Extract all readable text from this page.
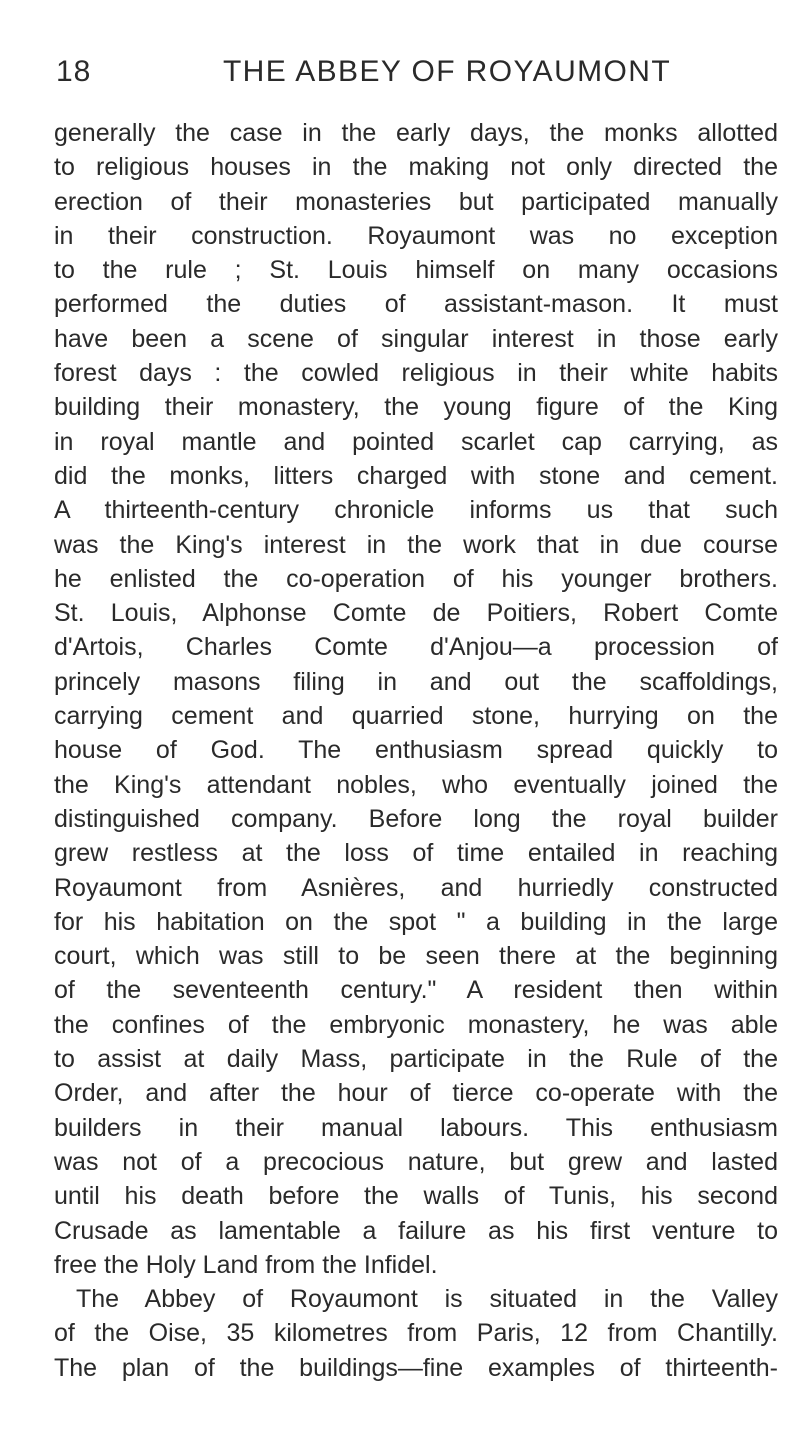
18	THE ABBEY OF ROYAUMONT
generally the case in the early days, the monks allotted
to religious houses in the making not only directed the
erection of their monasteries but participated manually
in their construction. Royaumont was no exception
to the rule ; St. Louis himself on many occasions
performed the duties of assistant-mason. It must
have been a scene of singular interest in those early
forest days : the cowled religious in their white habits
building their monastery, the young figure of the King
in royal mantle and pointed scarlet cap carrying, as
did the monks, litters charged with stone and cement.
A thirteenth-century chronicle informs us that such
was the King's interest in the work that in due course
he enlisted the co-operation of his younger brothers.
St. Louis, Alphonse Comte de Poitiers, Robert Comte
d'Artois, Charles Comte d'Anjou—a procession of
princely masons filing in and out the scaffoldings,
carrying cement and quarried stone, hurrying on the
house of God. The enthusiasm spread quickly to
the King's attendant nobles, who eventually joined the
distinguished company. Before long the royal builder
grew restless at the loss of time entailed in reaching
Royaumont from Asnières, and hurriedly constructed
for his habitation on the spot " a building in the large
court, which was still to be seen there at the beginning
of the seventeenth century." A resident then within
the confines of the embryonic monastery, he was able
to assist at daily Mass, participate in the Rule of the
Order, and after the hour of tierce co-operate with the
builders in their manual labours. This enthusiasm
was not of a precocious nature, but grew and lasted
until his death before the walls of Tunis, his second
Crusade as lamentable a failure as his first venture to
free the Holy Land from the Infidel.
The Abbey of Royaumont is situated in the Valley
of the Oise, 35 kilometres from Paris, 12 from Chantilly.
The plan of the buildings—fine examples of thirteenth-
